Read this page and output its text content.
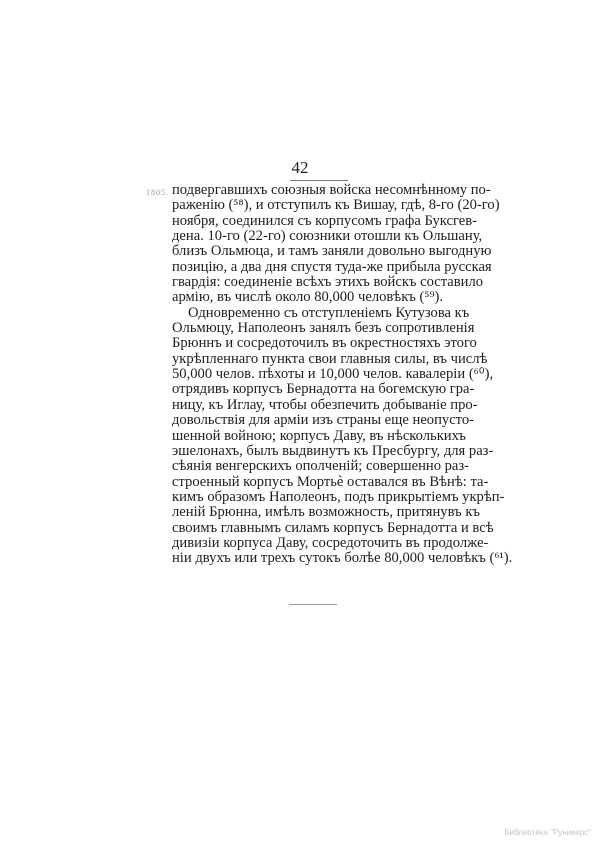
42
1805. подвергавшихъ союзныя войска несомнѣнному по-
раженію (⁵⁸), и отступилъ къ Вишау, гдѣ, 8-го (20-го)
ноября, соединился съ корпусомъ графа Буксгев-
дена. 10-го (22-го) союзники отошли къ Ольшану,
близъ Ольмюца, и тамъ заняли довольно выгодную
позицію, а два дня спустя туда-же прибыла русская
гвардія: соединеніе всѣхъ этихъ войскъ составило
армію, въ числѣ около 80,000 человѣкъ (⁵⁹).
Одновременно съ отступленіемъ Кутузова къ
Ольмюцу, Наполеонъ занялъ безъ сопротивленія
Брюннъ и сосредоточилъ въ окрестностяхъ этого
укрѣпленнаго пункта свои главныя силы, въ числѣ
50,000 челов. пѣхоты и 10,000 челов. кавалеріи (⁶⁰),
отрядивъ корпусъ Бернадотта на богемскую гра-
ницу, къ Иглау, чтобы обезпечить добываніе про-
довольствія для арміи изъ страны еще неопусто-
шенной войною; корпусъ Даву, въ нѣсколькихъ
эшелонахъ, былъ выдвинутъ къ Пресбургу, для раз-
сѣянія венгерскихъ ополченій; совершенно раз-
строенный корпусъ Мортьѐ оставался въ Вѣнѣ: та-
кимъ образомъ Наполеонъ, подъ прикрытіемъ укрѣп-
леній Брюнна, имѣлъ возможность, притянувъ къ
своимъ главнымъ силамъ корпусъ Бернадотта и всѣ
дивизіи корпуса Даву, сосредоточить въ продолже-
ніи двухъ или трехъ сутокъ болѣе 80,000 человѣкъ (⁶¹).
Библиотека "Руниверс"
